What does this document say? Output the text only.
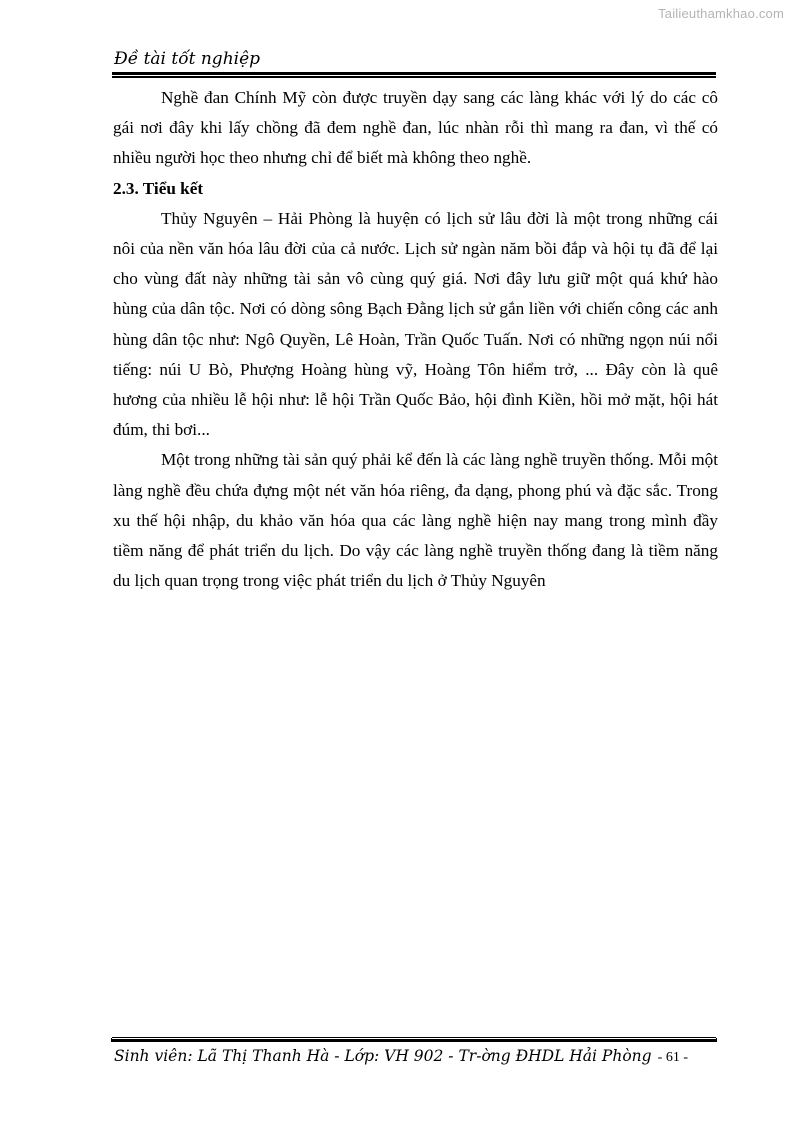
Tailieuthamkhao.com
Đề tài tốt nghiệp

Nghề đan Chính Mỹ còn được truyền dạy sang các làng khác với lý do các cô gái nơi đây khi lấy chồng đã đem nghề đan, lúc nhàn rỗi thì mang ra đan, vì thế có nhiều người học theo nhưng chỉ để biết mà không theo nghề.

2.3. Tiểu kết

Thủy Nguyên – Hải Phòng là huyện có lịch sử lâu đời là một trong những cái nôi của nền văn hóa lâu đời của cả nước. Lịch sử ngàn năm bồi đắp và hội tụ đã để lại cho vùng đất này những tài sản vô cùng quý giá. Nơi đây lưu giữ một quá khứ hào hùng của dân tộc. Nơi có dòng sông Bạch Đằng lịch sử gắn liền với chiến công các anh hùng dân tộc như: Ngô Quyền, Lê Hoàn, Trần Quốc Tuấn. Nơi có những ngọn núi nổi tiếng: núi U Bò, Phượng Hoàng hùng vỹ, Hoàng Tôn hiểm trở, ... Đây còn là quê hương của nhiều lễ hội như: lễ hội Trần Quốc Bảo, hội đình Kiền, hồi mở mặt, hội hát đúm, thi bơi...

Một trong những tài sản quý phải kể đến là các làng nghề truyền thống. Mỗi một làng nghề đều chứa đựng một nét văn hóa riêng, đa dạng, phong phú và đặc sắc. Trong xu thế hội nhập, du khảo văn hóa qua các làng nghề hiện nay mang trong mình đầy tiềm năng để phát triển du lịch. Do vậy các làng nghề truyền thống đang là tiềm năng du lịch quan trọng trong việc phát triển du lịch ở Thủy Nguyên

Sinh viên: Lã Thị Thanh Hà - Lớp: VH 902 - Tr-ờng ĐHDL Hải Phòng - 61 -
